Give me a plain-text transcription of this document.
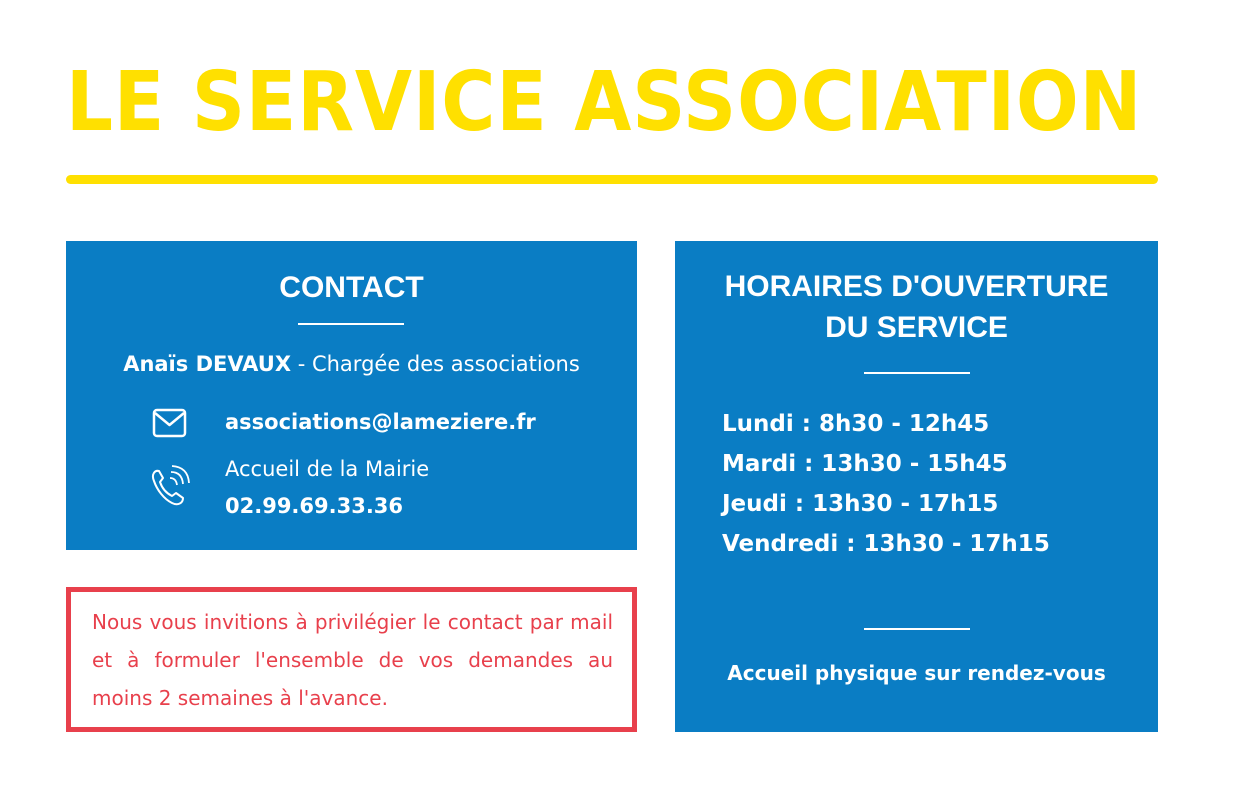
LE SERVICE ASSOCIATION
CONTACT

Anaïs DEVAUX - Chargée des associations

associations@lameziere.fr

Accueil de la Mairie

02.99.69.33.36

Nous vous invitions à privilégier le contact par mail et à formuler l'ensemble de vos demandes au moins 2 semaines à l'avance.

HORAIRES D'OUVERTURE
DU SERVICE
Lundi : 8h30 - 12h45
Mardi : 13h30 - 15h45
Jeudi : 13h30 - 17h15
Vendredi : 13h30 - 17h15

Accueil physique sur rendez-vous
